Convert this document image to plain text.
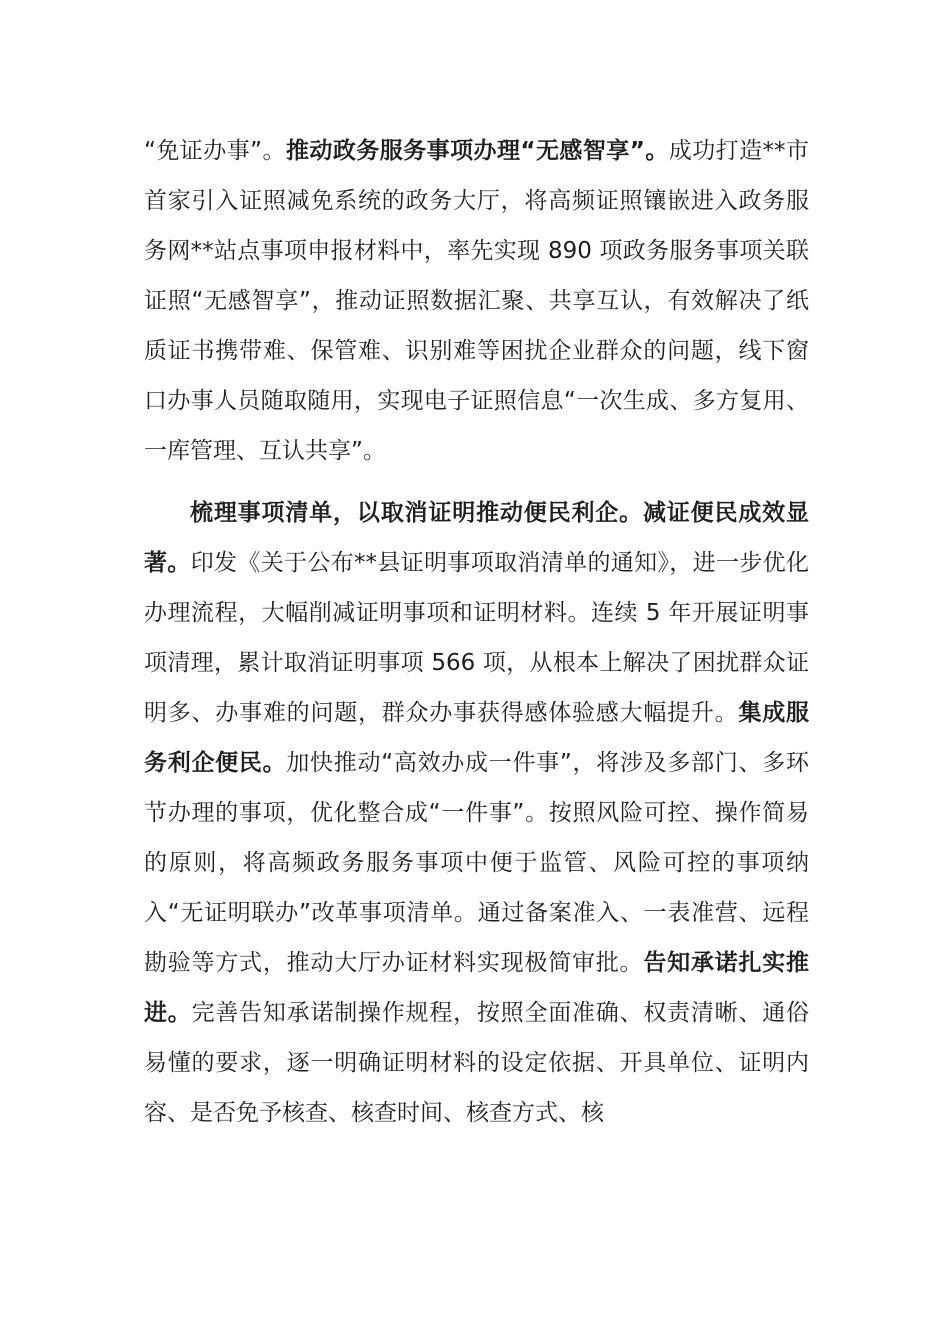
“免证办事”。推动政务服务事项办理“无感智享”。成功打造**市首家引入证照减免系统的政务大厅，将高频证照镶嵌进入政务服务网**站点事项申报材料中，率先实现 890 项政务服务事项关联证照“无感智享”，推动证照数据汇聚、共享互认，有效解决了纸质证书携带难、保管难、识别难等困扰企业群众的问题，线下窗口办事人员随取随用，实现电子证照信息“一次生成、多方复用、一库管理、互认共享”。

梳理事项清单，以取消证明推动便民利企。减证便民成效显著。印发《关于公布**县证明事项取消清单的通知》，进一步优化办理流程，大幅削减证明事项和证明材料。连续 5 年开展证明事项清理，累计取消证明事项 566 项，从根本上解决了困扰群众证明多、办事难的问题，群众办事获得感体验感大幅提升。集成服务利企便民。加快推动“高效办成一件事”，将涉及多部门、多环节办理的事项，优化整合成“一件事”。按照风险可控、操作简易的原则，将高频政务服务事项中便于监管、风险可控的事项纳入“无证明联办”改革事项清单。通过备案准入、一表准营、远程勘验等方式，推动大厅办证材料实现极简审批。告知承诺扎实推进。完善告知承诺制操作规程，按照全面准确、权责清晰、通俗易懂的要求，逐一明确证明材料的设定依据、开具单位、证明内容、是否免予核查、核查时间、核查方式、核
